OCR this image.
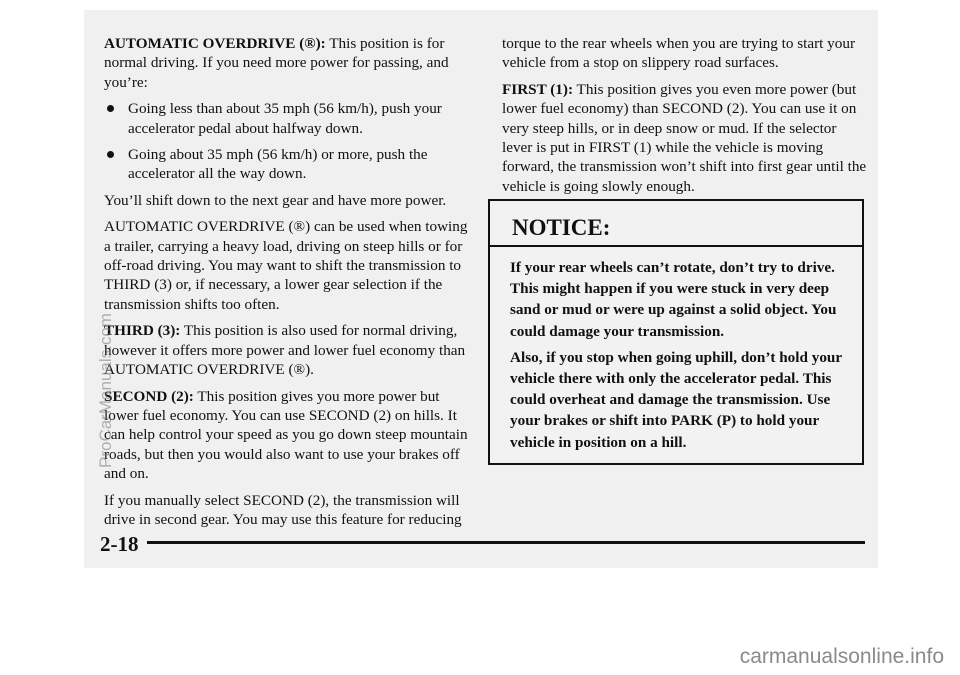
AUTOMATIC OVERDRIVE (®): This position is for normal driving. If you need more power for passing, and you’re:

Going less than about 35 mph (56 km/h), push your accelerator pedal about halfway down.
Going about 35 mph (56 km/h) or more, push the accelerator all the way down.

You’ll shift down to the next gear and have more power.

AUTOMATIC OVERDRIVE (®) can be used when towing a trailer, carrying a heavy load, driving on steep hills or for off-road driving. You may want to shift the transmission to THIRD (3) or, if necessary, a lower gear selection if the transmission shifts too often.

THIRD (3): This position is also used for normal driving, however it offers more power and lower fuel economy than AUTOMATIC OVERDRIVE (®).

SECOND (2): This position gives you more power but lower fuel economy. You can use SECOND (2) on hills. It can help control your speed as you go down steep mountain roads, but then you would also want to use your brakes off and on.

If you manually select SECOND (2), the transmission will drive in second gear. You may use this feature for reducing

torque to the rear wheels when you are trying to start your vehicle from a stop on slippery road surfaces.

FIRST (1): This position gives you even more power (but lower fuel economy) than SECOND (2). You can use it on very steep hills, or in deep snow or mud. If the selector lever is put in FIRST (1) while the vehicle is moving forward, the transmission won’t shift into first gear until the vehicle is going slowly enough.

NOTICE:

If your rear wheels can’t rotate, don’t try to drive. This might happen if you were stuck in very deep sand or mud or were up against a solid object. You could damage your transmission.

Also, if you stop when going uphill, don’t hold your vehicle there with only the accelerator pedal. This could overheat and damage the transmission. Use your brakes or shift into PARK (P) to hold your vehicle in position on a hill.

2-18
ProCarManuals.com
carmanualsonline.info
